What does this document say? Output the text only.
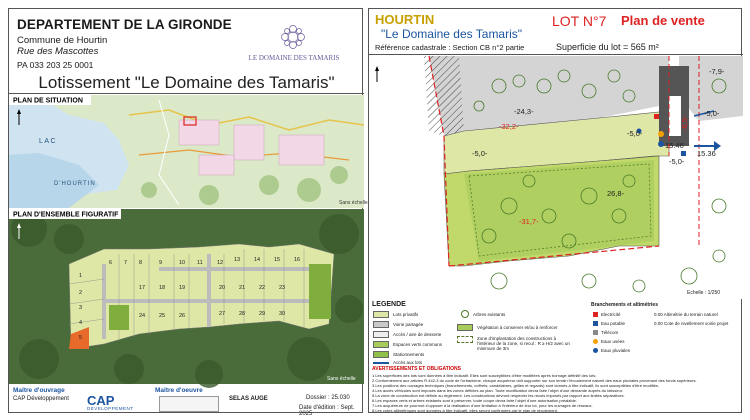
DEPARTEMENT DE LA GIRONDE
Commune de Hourtin
Rue des Mascottes
PA 033 203 25 0001
LE DOMAINE DES TAMARIS
Lotissement "Le Domaine des Tamaris"
LAC
D'HOURTIN
Sans échelle
PLAN DE SITUATION
1
2
3
4
5
6 7 8	9	10 11	12 13	14	15	16
17	18	19	20	21	22	23
24	25	26	27	28	29	30
PLAN D'ENSEMBLE FIGURATIF
Sans échelle
Maître d'ouvrage
CAP Développement CAP
DÉVELOPPEMENT
Maître d'oeuvre
SELAS AUGE	Dossier : 25.030
Date d'édition : Sept. 2025
HOURTIN
"Le Domaine des Tamaris"
LOT N°7 Plan de vente
Référence cadastrale : Section CB n°2 partie	Superficie du lot = 565 m²
-24,3-
-32,2-
-5,0-
-5,0-
-5,0-
-31,7-
26,8-
-7,9-
-5,0-
15.46
15.36
-8,5-
Echelle : 1/250
LEGENDE
Lots privatifs
Voirie partagée
Accès / aire de desserte
Espaces verts communs
Stationnements
Accès aux lots
Arbres existants
Végétation à conserver et/ou à renforcer
Zone d'implantation des constructions à l'intérieur de la zone, si recul : R ≥ H/2 avec un minimum de 3m
Branchements et altimétries
Electricité
Eau potable
Télécom
Eaux usées
Eaux pluviales
0.00 Altimétrie du terrain naturel
0.00 Cote de nivellement voirie projet
AVERTISSEMENTS ET OBLIGATIONS
1.Les superficies des lots sont données à titre indicatif. Elles sont susceptibles d'être modifiées après bornage définitif des lots.
2.Conformément aux articles R.442-3 du code de l'urbanisme, chaque acquéreur doit supporter sur son terrain l'écoulement naturel des eaux pluviales provenant des fonds supérieurs.
3.Les positions des ouvrages techniques (branchements, coffrets, candélabres, grilles et regards) sont donnés à titre indicatif, ils sont susceptibles d'être modifiés.
4.Les accès véhicules sont imposés dans les zones définies au plan. Toute modification devra faire l'objet d'une demande auprès du lotisseur.
5.La zone de construction est définie au règlement. Les constructions devront respecter les reculs imposés par rapport aux limites séparatives.
6.Les espaces verts et arbres existants sont à préserver, toute coupe devra faire l'objet d'une autorisation préalable.
7.Les acquéreurs ne pourront s'opposer à la réalisation d'une limitation à l'intérieur de leur lot, pour les ouvrages de réseaux.
8.Les cotes altimétriques sont données à titre indicatif, elles seront confirmées par le plan de récolement.
